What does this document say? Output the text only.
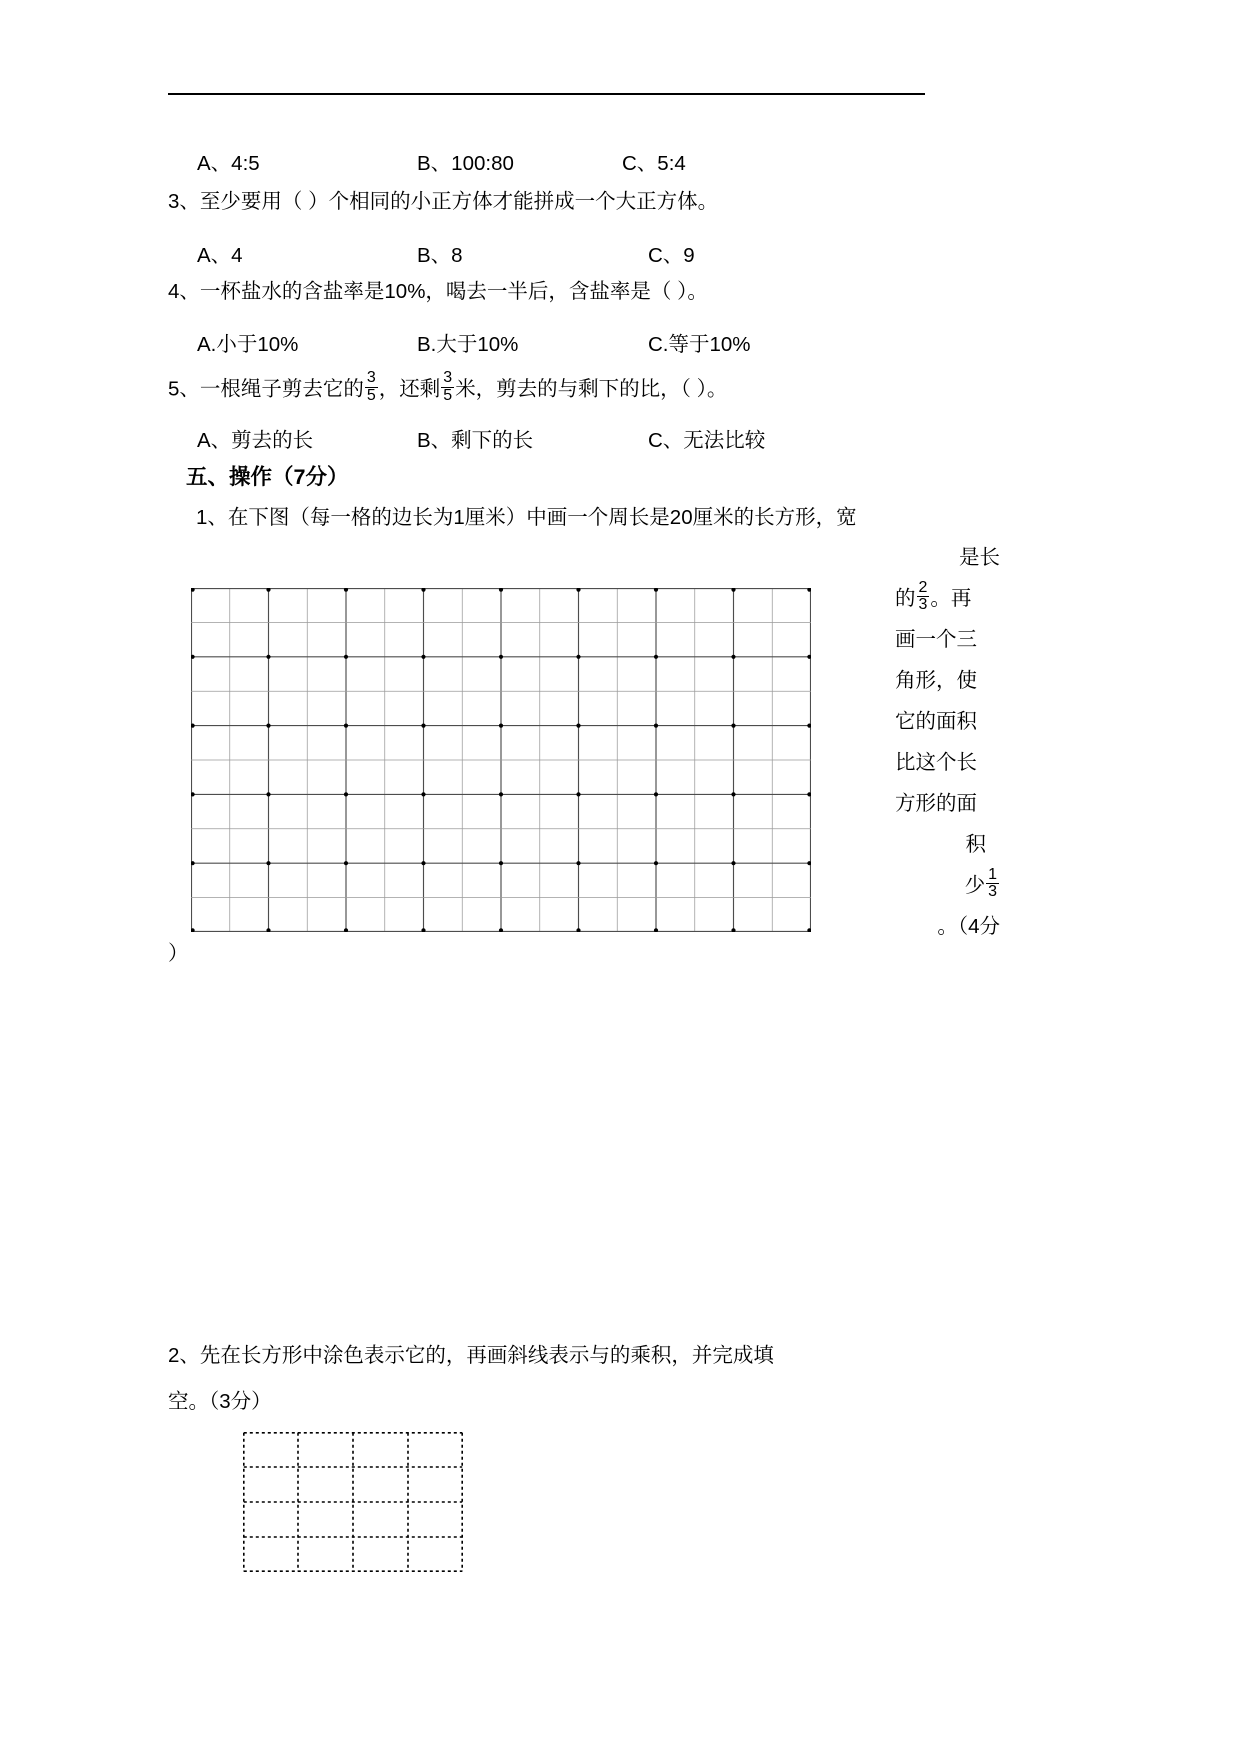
A、4:5	B、100:80	C、5:4
3、至少要用（ ）个相同的小正方体才能拼成一个大正方体。
A、4	B、8	C、9
4、一杯盐水的含盐率是10%，喝去一半后，含盐率是（ ）。
A.小于10%	B.大于10%	C.等于10%
5、一根绳子剪去它的 $\frac{3}{5}$ ，还剩 $\frac{3}{5}$ 米，剪去的与剩下的比，（ ）。
A、剪去的长	B、剩下的长	C、无法比较
五、操作（7分）
1、在下图（每一格的边长为1厘米）中画一个周长是20厘米的长方形，宽
是长
的 $\frac{2}{3}$ 。再
画一个三
角形，使
它的面积
比这个长
方形的面
积
少 $\frac{1}{3}$
。（4分
）
2、先在长方形中涂色表示它的，再画斜线表示与的乘积，并完成填
空。（3分）
